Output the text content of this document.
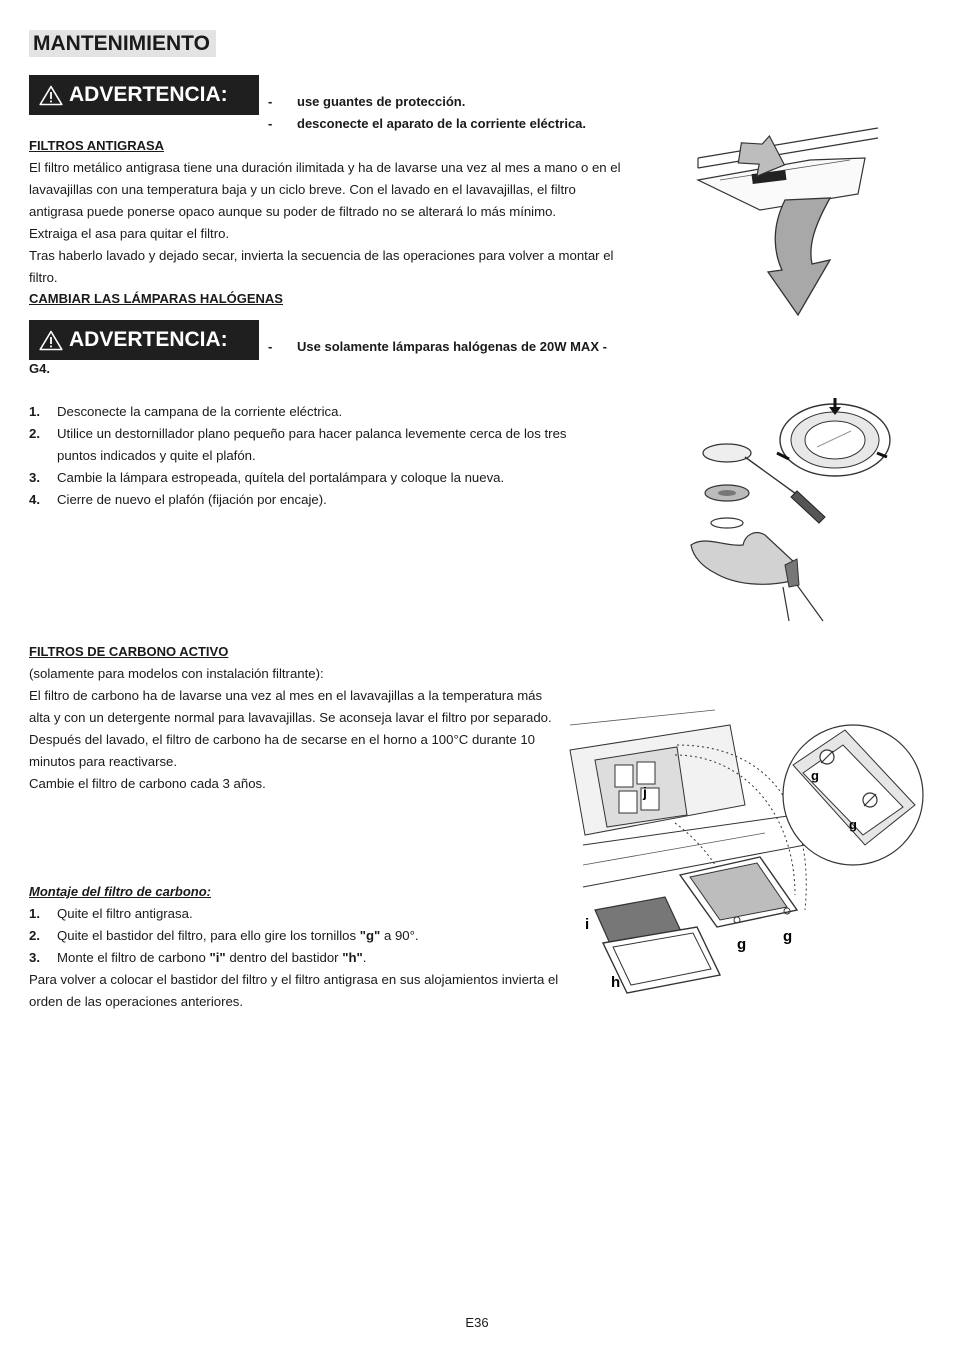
MANTENIMIENTO
ADVERTENCIA:	-	use guantes de protección.
-	desconecte el aparato de la corriente eléctrica.
FILTROS ANTIGRASA

El filtro metálico antigrasa tiene una duración ilimitada y ha de lavarse una vez al mes a mano o en el lavavajillas con una temperatura baja y un ciclo breve. Con el lavado en el lavavajillas, el filtro antigrasa puede ponerse opaco aunque su poder de filtrado no se alterará lo más mínimo.

Extraiga el asa para quitar el filtro.

Tras haberlo lavado y dejado secar, invierta la secuencia de las operaciones para volver a montar el filtro.

CAMBIAR LAS LÁMPARAS HALÓGENAS
ADVERTENCIA:	-	Use solamente lámparas halógenas de 20W MAX -
G4.
1.	Desconecte la campana de la corriente eléctrica.
2.	Utilice un destornillador plano pequeño para hacer palanca levemente cerca de los tres puntos indicados y quite el plafón.
3.	Cambie la lámpara estropeada, quítela del portalámpara y coloque la nueva.
4.	Cierre de nuevo el plafón (fijación por encaje).
FILTROS DE CARBONO ACTIVO

(solamente para modelos con instalación filtrante):

El filtro de carbono ha de lavarse una vez al mes en el lavavajillas a la temperatura más alta y con un detergente normal para lavavajillas. Se aconseja lavar el filtro por separado.

Después del lavado, el filtro de carbono ha de secarse en el horno a 100°C durante 10 minutos para reactivarse.

Cambie el filtro de carbono cada 3 años.

Montaje del filtro de carbono:
1.	Quite el filtro antigrasa.
2.	Quite el bastidor del filtro, para ello gire los tornillos "g" a 90°.
3.	Monte el filtro de carbono "i" dentro del bastidor "h".
Para volver a colocar el bastidor del filtro y el filtro antigrasa en sus alojamientos invierta el orden de las operaciones anteriores.
j
g g
i
h
g
g
E36
